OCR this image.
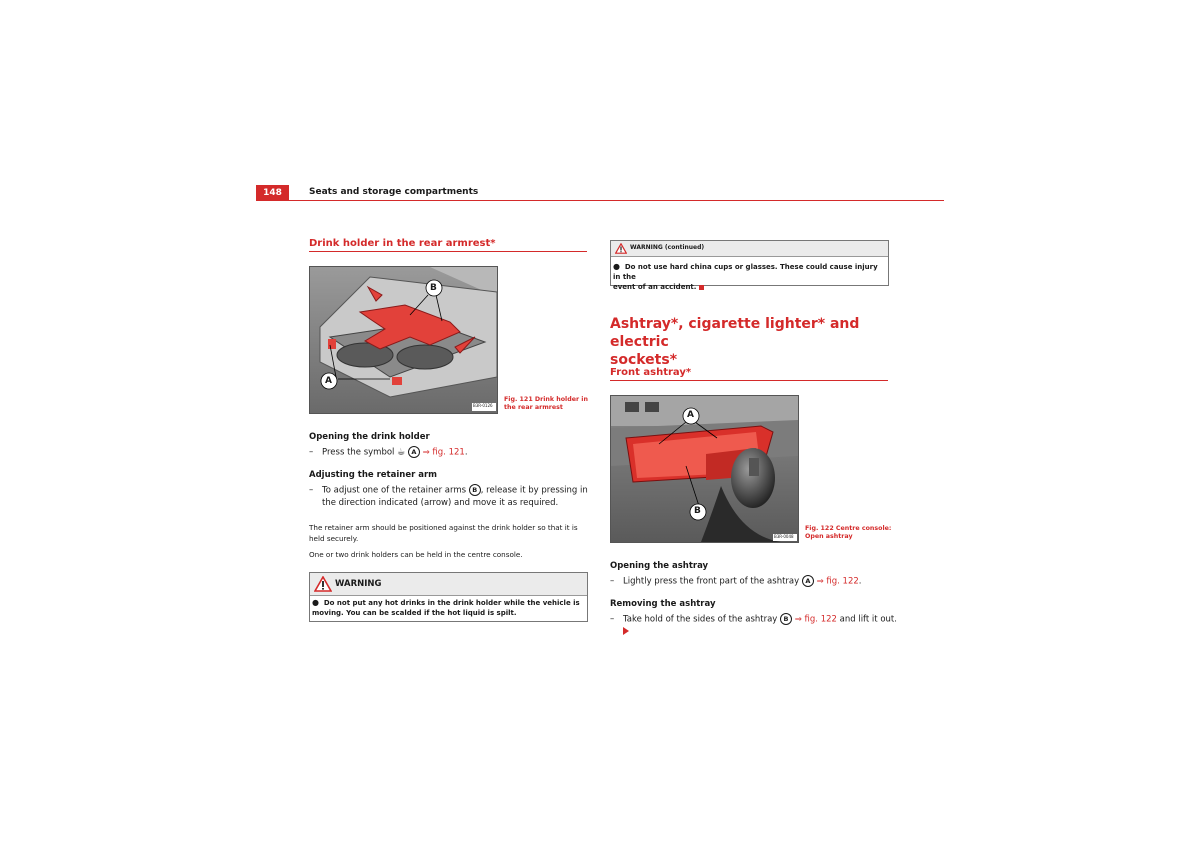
148	Seats and storage compartments
Drink holder in the rear armrest*
B
A
B3R-0126
Fig. 121 Drink holder in
the rear armrest
Opening the drink holder
–	Press the symbol ☕ A ⇒ fig. 121.
Adjusting the retainer arm
–	To adjust one of the retainer arms B , release it by pressing in
the direction indicated (arrow) and move it as required.
The retainer arm should be positioned against the drink holder so that it is
held securely.
One or two drink holders can be held in the centre console.
WARNING
● Do not put any hot drinks in the drink holder while the vehicle is
moving. You can be scalded if the hot liquid is spilt.
WARNING (continued)
● Do not use hard china cups or glasses. These could cause injury in the
event of an accident.
Ashtray*, cigarette lighter* and electric
sockets*
Front ashtray*
A
B
B3R-0048
Fig. 122 Centre console:
Open ashtray
Opening the ashtray
–	Lightly press the front part of the ashtray A ⇒ fig. 122.
Removing the ashtray
–	Take hold of the sides of the ashtray B ⇒ fig. 122 and lift it out.
